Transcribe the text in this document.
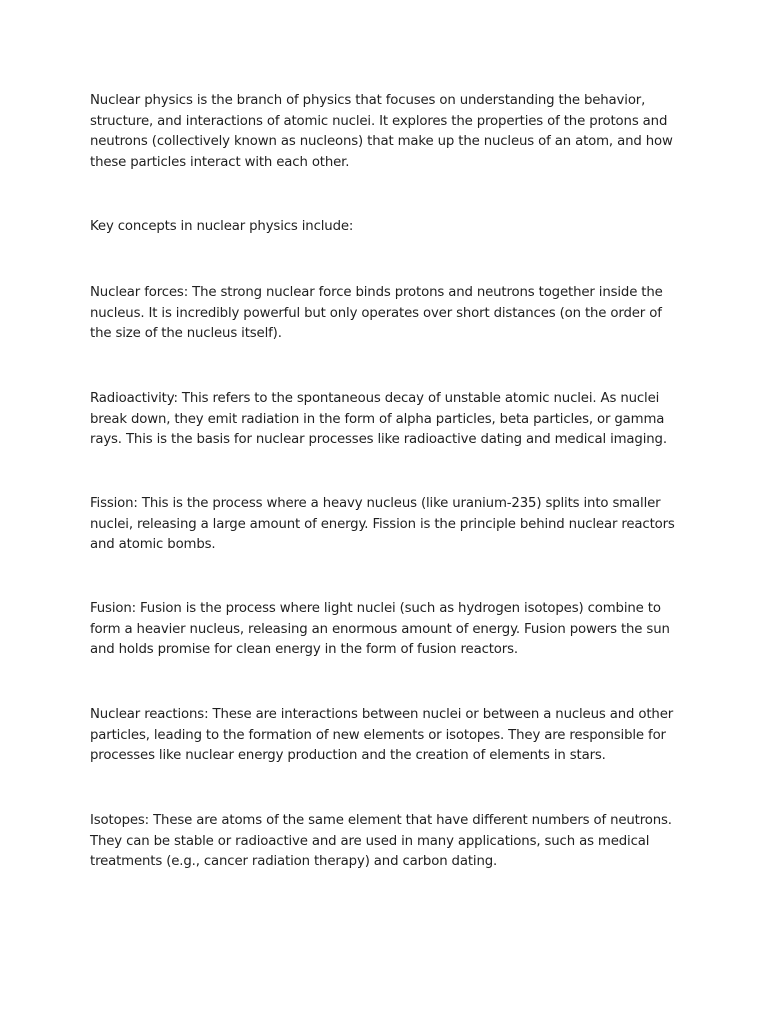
Nuclear physics is the branch of physics that focuses on understanding the behavior, structure, and interactions of atomic nuclei. It explores the properties of the protons and neutrons (collectively known as nucleons) that make up the nucleus of an atom, and how these particles interact with each other.

Key concepts in nuclear physics include:

Nuclear forces: The strong nuclear force binds protons and neutrons together inside the nucleus. It is incredibly powerful but only operates over short distances (on the order of the size of the nucleus itself).

Radioactivity: This refers to the spontaneous decay of unstable atomic nuclei. As nuclei break down, they emit radiation in the form of alpha particles, beta particles, or gamma rays. This is the basis for nuclear processes like radioactive dating and medical imaging.

Fission: This is the process where a heavy nucleus (like uranium-235) splits into smaller nuclei, releasing a large amount of energy. Fission is the principle behind nuclear reactors and atomic bombs.

Fusion: Fusion is the process where light nuclei (such as hydrogen isotopes) combine to form a heavier nucleus, releasing an enormous amount of energy. Fusion powers the sun and holds promise for clean energy in the form of fusion reactors.

Nuclear reactions: These are interactions between nuclei or between a nucleus and other particles, leading to the formation of new elements or isotopes. They are responsible for processes like nuclear energy production and the creation of elements in stars.

Isotopes: These are atoms of the same element that have different numbers of neutrons. They can be stable or radioactive and are used in many applications, such as medical treatments (e.g., cancer radiation therapy) and carbon dating.
